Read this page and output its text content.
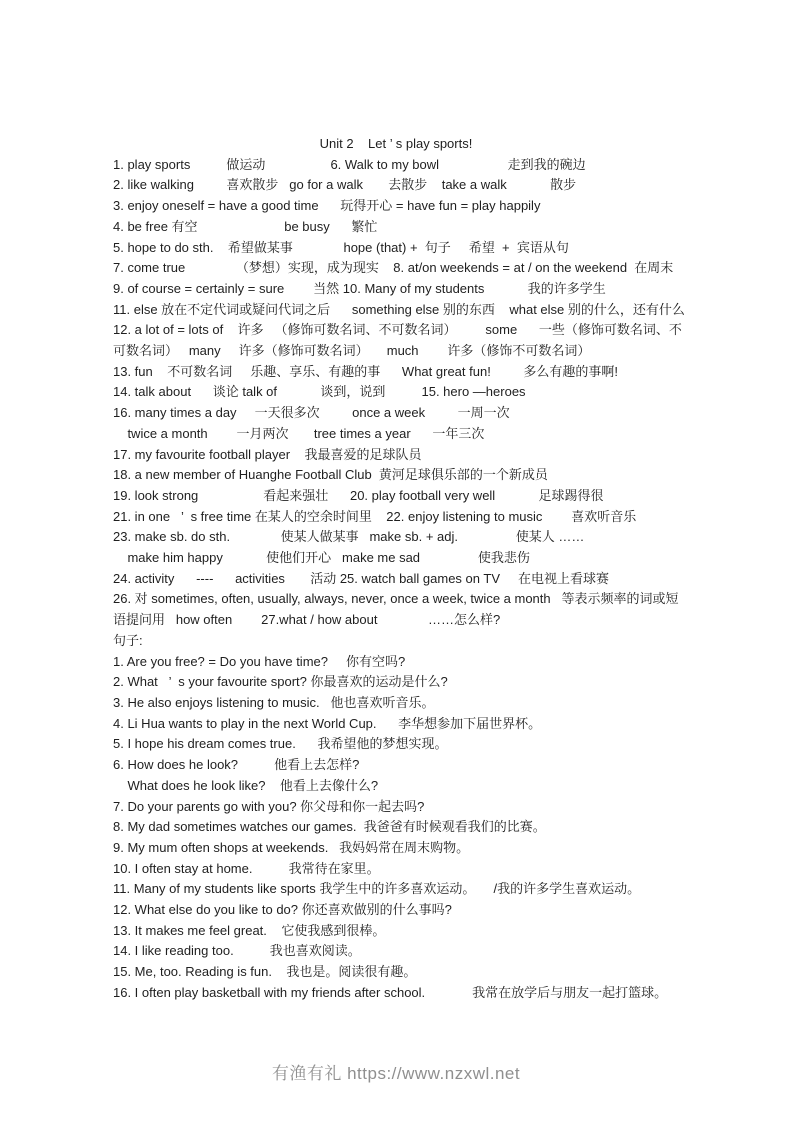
Unit 2    Let ’ s play sports!
1. play sports          做运动                  6. Walk to my bowl                   走到我的碗边
2. like walking         喜欢散步   go for a walk       去散步    take a walk            散步
3. enjoy oneself = have a good time      玩得开心 = have fun = play happily
4. be free 有空                        be busy      繁忙
5. hope to do sth.    希望做某事              hope (that) +  句子     希望  +  宾语从句
7. come true              （梦想）实现，成为现实    8. at/on weekends = at / on the weekend  在周末
9. of course = certainly = sure        当然 10. Many of my students            我的许多学生
11. else 放在不定代词或疑问代词之后      something else 别的东西    what else 别的什么，还有什么
12. a lot of = lots of    许多   （修饰可数名词、不可数名词）        some      一些（修饰可数名词、不
可数名词）   many     许多（修饰可数名词）     much        许多（修饰不可数名词）
13. fun    不可数名词     乐趣、享乐、有趣的事      What great fun!         多么有趣的事啊!
14. talk about      谈论 talk of            谈到，说到          15. hero —heroes
16. many times a day     一天很多次         once a week         一周一次
twice a month        一月两次       tree times a year      一年三次
17. my favourite football player    我最喜爱的足球队员
18. a new member of Huanghe Football Club  黄河足球俱乐部的一个新成员
19. look strong                  看起来强壮      20. play football very well            足球踢得很
21. in one   ’  s free time 在某人的空余时间里    22. enjoy listening to music        喜欢听音乐
23. make sb. do sth.              使某人做某事   make sb. + adj.                使某人 ……
make him happy            使他们开心   make me sad                使我悲伤
24. activity      ----      activities       活动 25. watch ball games on TV     在电视上看球赛
26. 对 sometimes, often, usually, always, never, once a week, twice a month   等表示频率的词或短
语提问用   how often        27.what / how about              ……怎么样?
句子:
1. Are you free? = Do you have time?     你有空吗?
2. What   ’  s your favourite sport? 你最喜欢的运动是什么?
3. He also enjoys listening to music.   他也喜欢听音乐。
4. Li Hua wants to play in the next World Cup.      李华想参加下届世界杯。
5. I hope his dream comes true.      我希望他的梦想实现。
6. How does he look?          他看上去怎样?
What does he look like?    他看上去像什么?
7. Do your parents go with you? 你父母和你一起去吗?
8. My dad sometimes watches our games.  我爸爸有时候观看我们的比赛。
9. My mum often shops at weekends.   我妈妈常在周末购物。
10. I often stay at home.          我常待在家里。
11. Many of my students like sports 我学生中的许多喜欢运动。     /我的许多学生喜欢运动。
12. What else do you like to do? 你还喜欢做别的什么事吗?
13. It makes me feel great.    它使我感到很棒。
14. I like reading too.          我也喜欢阅读。
15. Me, too. Reading is fun.    我也是。阅读很有趣。
16. I often play basketball with my friends after school.             我常在放学后与朋友一起打篮球。
有渔有礼 https://www.nzxwl.net
